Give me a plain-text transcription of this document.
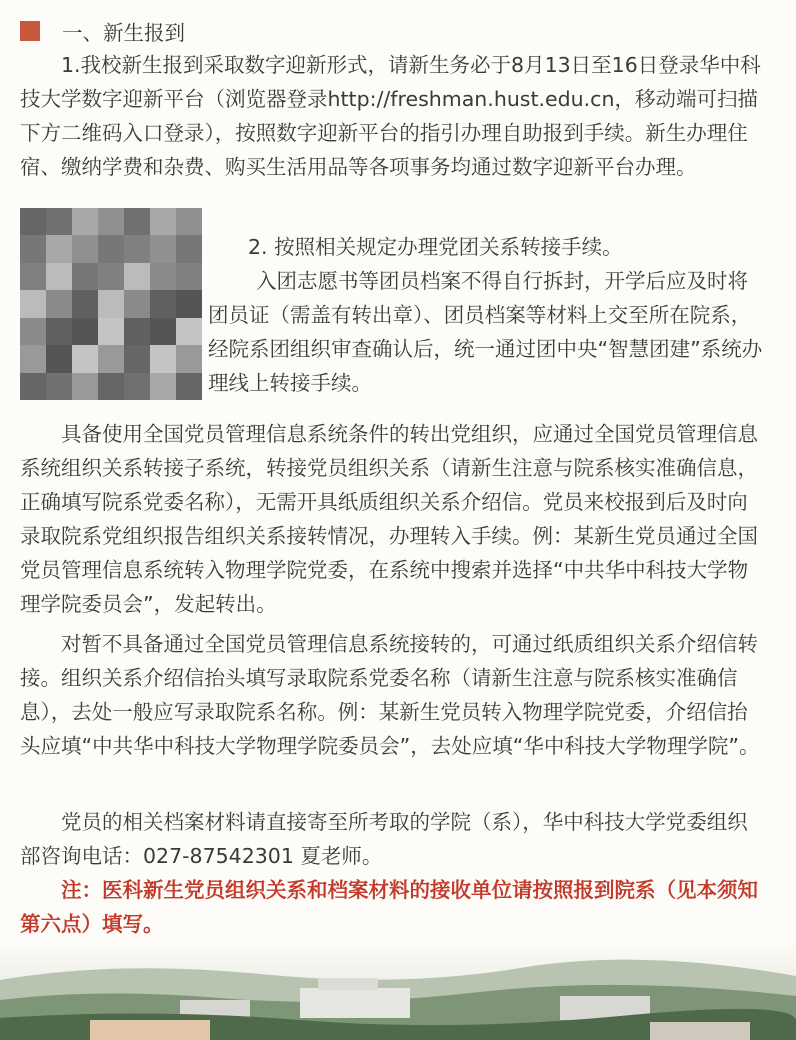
一、新生报到

1.我校新生报到采取数字迎新形式，请新生务必于8月13日至16日登录华中科技大学数字迎新平台（浏览器登录http://freshman.hust.edu.cn，移动端可扫描下方二维码入口登录），按照数字迎新平台的指引办理自助报到手续。新生办理住宿、缴纳学费和杂费、购买生活用品等各项事务均通过数字迎新平台办理。

2. 按照相关规定办理党团关系转接手续。

入团志愿书等团员档案不得自行拆封，开学后应及时将团员证（需盖有转出章）、团员档案等材料上交至所在院系，经院系团组织审查确认后，统一通过团中央“智慧团建”系统办理线上转接手续。

具备使用全国党员管理信息系统条件的转出党组织，应通过全国党员管理信息系统组织关系转接子系统，转接党员组织关系（请新生注意与院系核实准确信息，正确填写院系党委名称），无需开具纸质组织关系介绍信。党员来校报到后及时向录取院系党组织报告组织关系接转情况，办理转入手续。例：某新生党员通过全国党员管理信息系统转入物理学院党委，在系统中搜索并选择“中共华中科技大学物理学院委员会”，发起转出。

对暂不具备通过全国党员管理信息系统接转的，可通过纸质组织关系介绍信转接。组织关系介绍信抬头填写录取院系党委名称（请新生注意与院系核实准确信息），去处一般应写录取院系名称。例：某新生党员转入物理学院党委，介绍信抬头应填“中共华中科技大学物理学院委员会”，去处应填“华中科技大学物理学院”。

党员的相关档案材料请直接寄至所考取的学院（系），华中科技大学党委组织部咨询电话：027-87542301 夏老师。

注：医科新生党员组织关系和档案材料的接收单位请按照报到院系（见本须知第六点）填写。
